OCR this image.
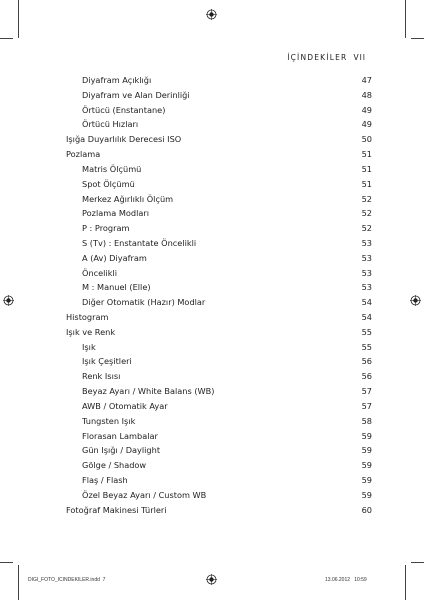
İÇİNDEKİLER VII
Diyafram Açıklığı	47
Diyafram ve Alan Derinliği	48
Örtücü (Enstantane)	49
Örtücü Hızları	49
Işığa Duyarlılık Derecesi ISO	50
Pozlama	51
Matris Ölçümü	51
Spot Ölçümü	51
Merkez Ağırlıklı Ölçüm	52
Pozlama Modları	52
P : Program	52
S (Tv) : Enstantate Öncelikli	53
A (Av) Diyafram	53
Öncelikli	53
M : Manuel (Elle)	53
Diğer Otomatik (Hazır) Modlar	54
Histogram	54
Işık ve Renk	55
Işık	55
Işık Çeşitleri	56
Renk Isısı	56
Beyaz Ayarı / White Balans (WB)	57
AWB / Otomatik Ayar	57
Tungsten Işık	58
Florasan Lambalar	59
Gün Işığı / Daylight	59
Gölge / Shadow	59
Flaş / Flash	59
Özel Beyaz Ayarı / Custom WB	59
Fotoğraf Makinesi Türleri	60
DIGI_FOTO_ICINDEKILER.indd 7	13.06.2012 10:59
